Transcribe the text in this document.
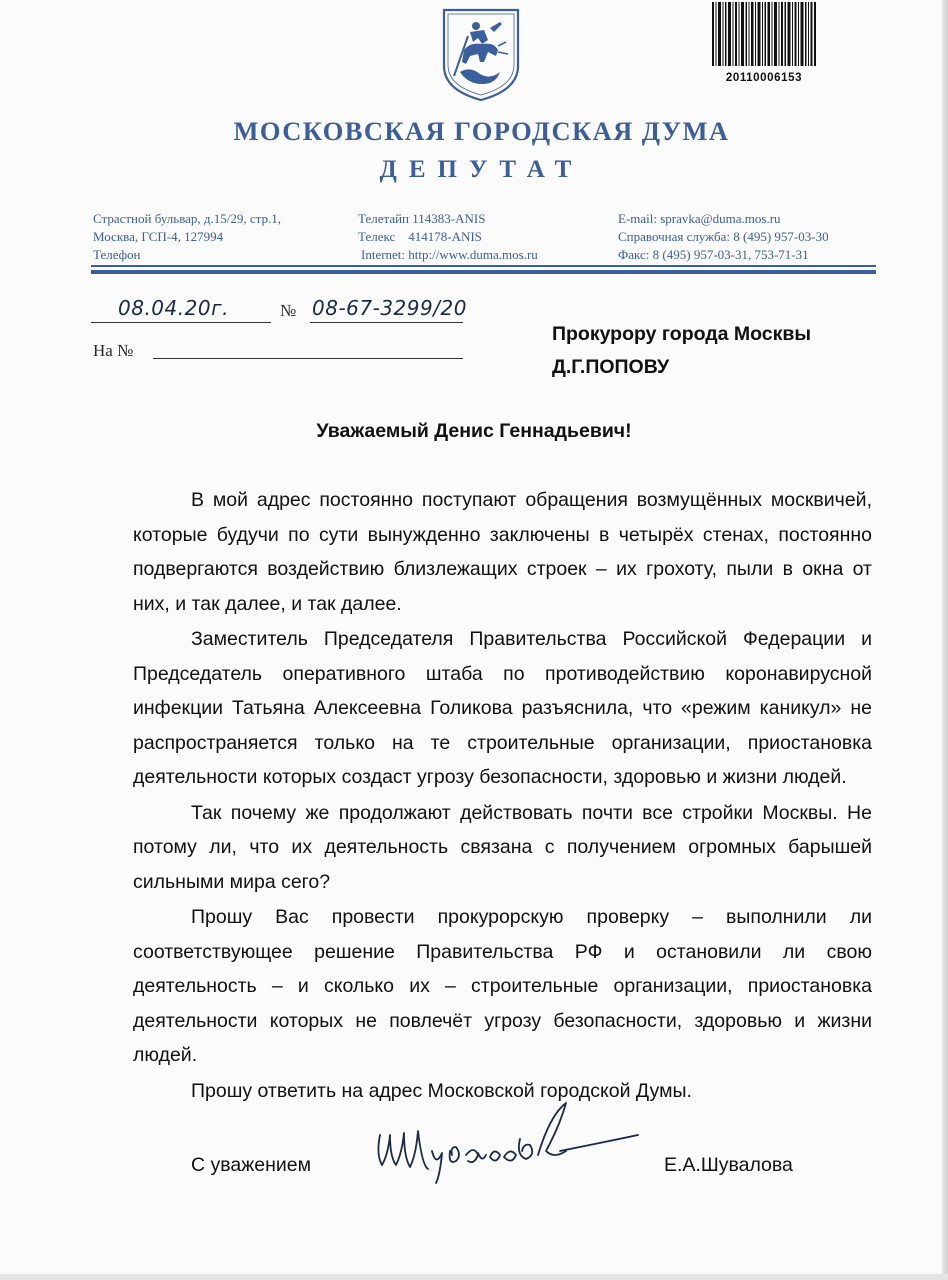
20110006153
МОСКОВСКАЯ ГОРОДСКАЯ ДУМА
ДЕПУТАТ
Страстной бульвар, д.15/29, стр.1,
Москва, ГСП-4, 127994
Телефон
Телетайп 114383-ANIS
Телекс    414178-ANIS
Internet: http://www.duma.mos.ru
E-mail: spravka@duma.mos.ru
Справочная служба: 8 (495) 957-03-30
Факс: 8 (495) 957-03-31, 753-71-31
08.04.20г.	№ 08-67-3299/20
На №
Прокурору города Москвы
Д.Г.ПОПОВУ
Уважаемый Денис Геннадьевич!

В мой адрес постоянно поступают обращения возмущённых москвичей, которые будучи по сути вынужденно заключены в четырёх стенах, постоянно подвергаются воздействию близлежащих строек – их грохоту, пыли в окна от них, и так далее, и так далее.

Заместитель Председателя Правительства Российской Федерации и Председатель оперативного штаба по противодействию коронавирусной инфекции Татьяна Алексеевна Голикова разъяснила, что «режим каникул» не распространяется только на те строительные организации, приостановка деятельности которых создаст угрозу безопасности, здоровью и жизни людей.

Так почему же продолжают действовать почти все стройки Москвы. Не потому ли, что их деятельность связана с получением огромных барышей сильными мира сего?

Прошу Вас провести прокурорскую проверку – выполнили ли соответствующее решение Правительства РФ и остановили ли свою деятельность – и сколько их – строительные организации, приостановка деятельности которых не повлечёт угрозу безопасности, здоровью и жизни людей.

Прошу ответить на адрес Московской городской Думы.

С уважением	Е.А.Шувалова
